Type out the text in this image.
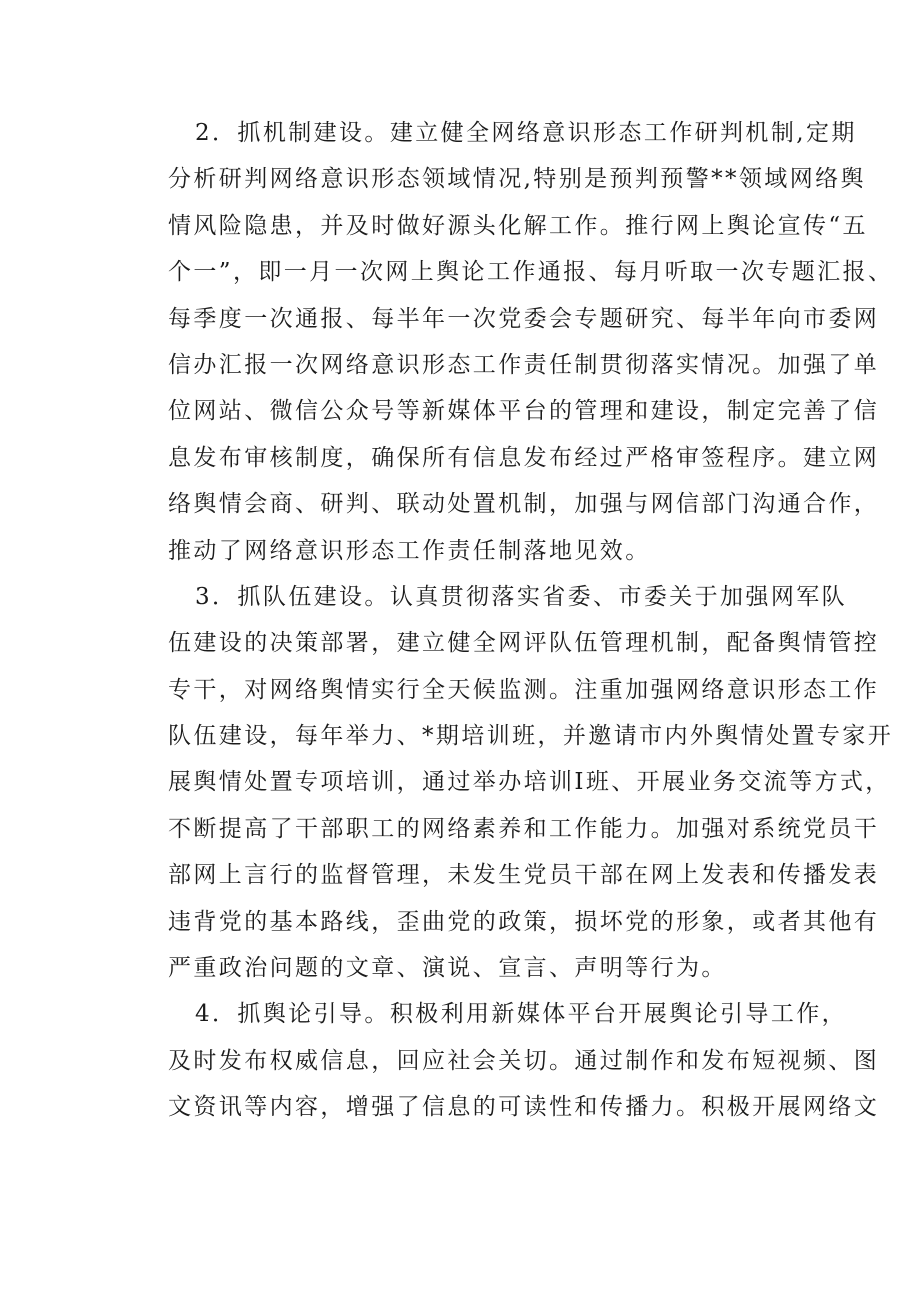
2．抓机制建设。建立健全网络意识形态工作研判机制,定期
分析研判网络意识形态领域情况,特别是预判预警**领域网络舆
情风险隐患，并及时做好源头化解工作。推行网上舆论宣传“五
个一”，即一月一次网上舆论工作通报、每月听取一次专题汇报、
每季度一次通报、每半年一次党委会专题研究、每半年向市委网
信办汇报一次网络意识形态工作责任制贯彻落实情况。加强了单
位网站、微信公众号等新媒体平台的管理和建设，制定完善了信
息发布审核制度，确保所有信息发布经过严格审签程序。建立网
络舆情会商、研判、联动处置机制，加强与网信部门沟通合作，
推动了网络意识形态工作责任制落地见效。
3．抓队伍建设。认真贯彻落实省委、市委关于加强网军队
伍建设的决策部署，建立健全网评队伍管理机制，配备舆情管控
专干，对网络舆情实行全天候监测。注重加强网络意识形态工作
队伍建设，每年举力、*期培训班，并邀请市内外舆情处置专家开
展舆情处置专项培训，通过举办培训I班、开展业务交流等方式，
不断提高了干部职工的网络素养和工作能力。加强对系统党员干
部网上言行的监督管理，未发生党员干部在网上发表和传播发表
违背党的基本路线，歪曲党的政策，损坏党的形象，或者其他有
严重政治问题的文章、演说、宣言、声明等行为。
4．抓舆论引导。积极利用新媒体平台开展舆论引导工作，
及时发布权威信息，回应社会关切。通过制作和发布短视频、图
文资讯等内容，增强了信息的可读性和传播力。积极开展网络文
